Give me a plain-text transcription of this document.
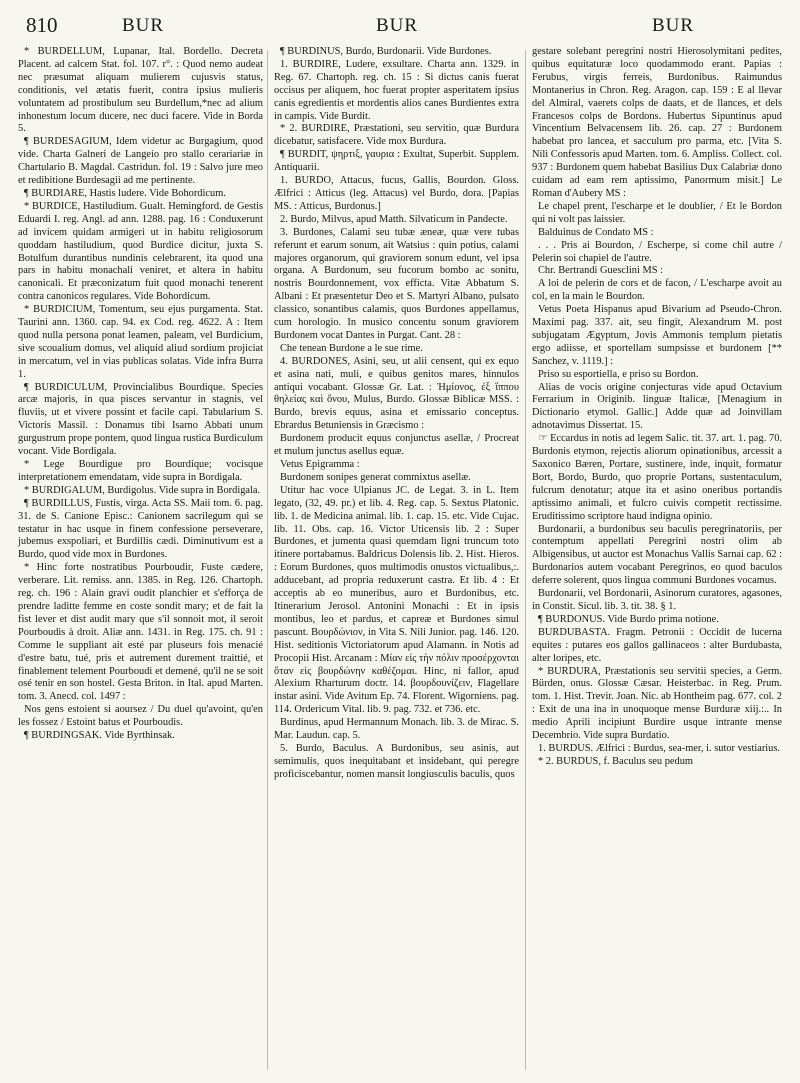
810	BUR	BUR	BUR

* BURDELLUM, Lupanar, Ital. Bordello. Decreta Placent. ad calcem Stat. fol. 107. r°. : Quod nemo audeat nec præsumat aliquam mulierem cujusvis status, conditionis, vel ætatis fuerit, contra ipsius mulieris voluntatem ad prostibulum seu Burdellum,*nec ad alium inhonestum locum ducere, nec duci facere. Vide in Borda 5.

¶ BURDESAGIUM, Idem videtur ac Burgagium, quod vide. Charta Galneri de Langeio pro stallo cerariariæ in Chartulario B. Magdal. Castridun. fol. 19 : Salvo jure meo et redibitione Burdesagii ad me pertinente.

¶ BURDIARE, Hastis ludere. Vide Bohordicum.

* BURDICE, Hastiludium. Gualt. Hemingford. de Gestis Eduardi I. reg. Angl. ad ann. 1288. pag. 16 : Conduxerunt ad invicem quidam armigeri ut in habitu religiosorum quoddam hastiludium, quod Burdice dicitur, juxta S. Botulfum durantibus nundinis celebrarent, ita quod una pars in habitu monachali veniret, et altera in habitu canonicali. Et præconizatum fuit quod monachi tenerent contra canonicos regulares. Vide Bohordicum.

* BURDICIUM, Tomentum, seu ejus purgamenta. Stat. Taurini ann. 1360. cap. 94. ex Cod. reg. 4622. A : Item quod nulla persona ponat leamen, paleam, vel Burdicium, sive scoualium domus, vel aliquid aliud sordium projiciat in mercatum, vel in vias publicas solatas. Vide infra Burra 1.

¶ BURDICULUM, Provincialibus Bourdique. Species arcæ majoris, in qua pisces servantur in stagnis, vel fluviis, ut et vivere possint et facile capi. Tabularium S. Victoris Massil. : Donamus tibi Isarno Abbati unum gurgustrum prope pontem, quod lingua rustica Burdiculum vocant. Vide Bordigala.

* Lege Bourdigue pro Bourdique; vocisque interpretationem emendatam, vide supra in Bordigala.

* BURDIGALUM, Burdigolus. Vide supra in Bordigala.

¶ BURDILLUS, Fustis, virga. Acta SS. Maii tom. 6. pag. 31. de S. Canione Episc.: Canionem sacrilegum qui se testatur in hac usque in finem confessione perseverare, jubemus exspoliari, et Burdillis cædi. Diminutivum est a Burdo, quod vide mox in Burdones.

* Hinc forte nostratibus Pourboudir, Fuste cædere, verberare. Lit. remiss. ann. 1385. in Reg. 126. Chartoph. reg. ch. 196 : Alain gravi oudit planchier et s'efforça de prendre laditte femme en coste sondit mary; et de fait la fist lever et dist audit mary que s'il sonnoit mot, il seroit Pourboudis à droit. Aliæ ann. 1431. in Reg. 175. ch. 91 : Comme le suppliant ait esté par pluseurs fois menacié d'estre batu, tué, pris et autrement durement traittié, et finablement telement Pourboudi et demené, qu'il ne se soit osé tenir en son hostel. Gesta Briton. in Ital. apud Marten. tom. 3. Anecd. col. 1497 :

Nos gens estoient si aoursez / Du duel qu'avoint, qu'en les fossez / Estoint batus et Pourboudis.

¶ BURDINGSAK. Vide Byrthinsak.

¶ BURDINUS, Burdo, Burdonarii. Vide Burdones.

1. BURDIRE, Ludere, exsultare. Charta ann. 1329. in Reg. 67. Chartoph. reg. ch. 15 : Si dictus canis fuerat occisus per aliquem, hoc fuerat propter asperitatem ipsius canis egredientis et mordentis alios canes Burdientes extra in campis. Vide Burdit.

* 2. BURDIRE, Præstationi, seu servitio, quæ Burdura dicebatur, satisfacere. Vide mox Burdura.

¶ BURDIT, ψηρτιξ, γαυρια : Exultat, Superbit. Supplem. Antiquarii.

1. BURDO, Attacus, fucus, Gallis, Bourdon. Gloss. Ælfrici : Atticus (leg. Attacus) vel Burdo, dora. [Papias MS. : Atticus, Burdonus.]

2. Burdo, Milvus, apud Matth. Silvaticum in Pandecte.

3. Burdones, Calami seu tubæ æneæ, quæ vere tubas referunt et earum sonum, ait Watsius : quin potius, calami majores organorum, qui graviorem sonum edunt, vel ipsa organa. A Burdonum, seu fucorum bombo ac sonitu, nostris Bourdonnement, vox efficta. Vitæ Abbatum S. Albani : Et præsentetur Deo et S. Martyri Albano, pulsato classico, sonantibus calamis, quos Burdones appellamus, cum horologio. In musico concentu sonum graviorem Burdonem vocat Dantes in Purgat. Cant. 28 :

Che tenean Burdone a le sue rime.

4. BURDONES, Asini, seu, ut alii censent, qui ex equo et asina nati, muli, e quibus genitos mares, hinnulos antiqui vocabant. Glossæ Gr. Lat. : Ἡμίονος, ἐξ ἵππου θηλείας καὶ ὄνου, Mulus, Burdo. Glossæ Biblicæ MSS. : Burdo, brevis equus, asina et emissario conceptus. Ebrardus Betuniensis in Græcismo :

Burdonem producit equus conjunctus asellæ, / Procreat et mulum junctus asellus equæ.

Vetus Epigramma :

Burdonem sonipes generat commixtus asellæ.

Utitur hac voce Ulpianus JC. de Legat. 3. in L. Item legato, (32, 49. pr.) et lib. 4. Reg. cap. 5. Sextus Platonic. lib. 1. de Medicina animal. lib. 1. cap. 15. etc. Vide Cujac. lib. 11. Obs. cap. 16. Victor Uticensis lib. 2 : Super Burdones, et jumenta quasi quemdam ligni truncum toto itinere portabamus. Baldricus Dolensis lib. 2. Hist. Hieros. : Eorum Burdones, quos multimodis onustos victualibus,:. adducebant, ad propria reduxerunt castra. Et lib. 4 : Et acceptis ab eo muneribus, auro et Burdonibus, etc. Itinerarium Jerosol. Antonini Monachi : Et in ipsis montibus, leo et pardus, et capreæ et Burdones simul pascunt. Βουρδώνιον, in Vita S. Nili Junior. pag. 146. 120. Hist. seditionis Victoriatorum apud Alamann. in Notis ad Procopii Hist. Arcanam : Μίαν εἰς τὴν πόλιν προσέρχονται ὅταν εἰς βουρδώνην καθέζομαι. Hinc, ni fallor, apud Alexium Rharturum doctr. 14. βουρδουνίζειν, Flagellare instar asini. Vide Avitum Ep. 74. Florent. Wigorniens. pag. 114. Ordericum Vital. lib. 9. pag. 732. et 736. etc.

Burdinus, apud Hermannum Monach. lib. 3. de Mirac. S. Mar. Laudun. cap. 5.

5. Burdo, Baculus. A Burdonibus, seu asinis, aut semimulis, quos inequitabant et insidebant, qui peregre proficiscebantur, nomen mansit longiusculis baculis, quos

gestare solebant peregrini nostri Hierosolymitani pedites, quibus equitaturæ loco quodammodo erant. Papias : Ferubus, virgis ferreis, Burdonibus. Raimundus Montanerius in Chron. Reg. Aragon. cap. 159 : E al llevar del Almiral, vaerets colps de daats, et de llances, et dels Francesos colps de Bordons. Hubertus Sipuntinus apud Vincentium Belvacensem lib. 26. cap. 27 : Burdonem habebat pro lancea, et sacculum pro parma, etc. [Vita S. Nili Confessoris apud Marten. tom. 6. Ampliss. Collect. col. 937 : Burdonem quem habebat Basilius Dux Calabriæ dono cuidam ad eam rem aptissimo, Panormum misit.] Le Roman d'Aubery MS :

Le chapel prent, l'escharpe et le doublier, / Et le Bordon qui ni volt pas laissier.

Balduinus de Condato MS :

. . . Pris ai Bourdon, / Escherpe, si come chil autre / Pelerin soi chapiel de l'autre.

Chr. Bertrandi Guesclini MS :

A loi de pelerin de cors et de facon, / L'escharpe avoit au col, en la main le Bourdon.

Vetus Poeta Hispanus apud Bivarium ad Pseudo-Chron. Maximi pag. 337. ait, seu fingit, Alexandrum M. post subjugatam Ægyptum, Jovis Ammonis templum pietatis ergo adiisse, et sportellam sumpsisse et burdonem [** Sanchez, v. 1119.] :

Priso su esportiella, e priso su Bordon.

Alias de vocis origine conjecturas vide apud Octavium Ferrarium in Originib. linguæ Italicæ, [Menagium in Dictionario etymol. Gallic.] Adde quæ ad Joinvillam adnotavimus Dissertat. 15.

☞ Eccardus in notis ad legem Salic. tit. 37. art. 1. pag. 70. Burdonis etymon, rejectis aliorum opinationibus, arcessit a Saxonico Bæren, Portare, sustinere, inde, inquit, formatur Bort, Bordo, Burdo, quo proprie Portans, sustentaculum, fulcrum denotatur; atque ita et asino oneribus portandis aptissimo animali, et fulcro cuivis competit rectissime. Eruditissimo scriptore haud indigna opinio.

Burdonarii, a burdonibus seu baculis peregrinatoriis, per contemptum appellati Peregrini nostri olim ab Albigensibus, ut auctor est Monachus Vallis Sarnai cap. 62 : Burdonarios autem vocabant Peregrinos, eo quod baculos deferre solerent, quos lingua communi Burdones vocamus.

Burdonarii, vel Bordonarii, Asinorum curatores, agasones, in Constit. Sicul. lib. 3. tit. 38. § 1.

¶ BURDONUS. Vide Burdo prima notione.

BURDUBASTA. Fragm. Petronii : Occidit de lucerna equites : putares eos gallos gallinaceos : alter Burdubasta, alter loripes, etc.

* BURDURA, Præstationis seu servitii species, a Germ. Bürden, onus. Glossæ Cæsar. Heisterbac. in Reg. Prum. tom. 1. Hist. Trevir. Joan. Nic. ab Hontheim pag. 677. col. 2 : Exit de una ina in unoquoque mense Burduræ xiij.:.. In medio Aprili incipiunt Burdire usque intrante mense Decembrio. Vide supra Burdatio.

1. BURDUS. Ælfrici : Burdus, sea-mer, i. sutor vestiarius.

* 2. BURDUS, f. Baculus seu pedum
